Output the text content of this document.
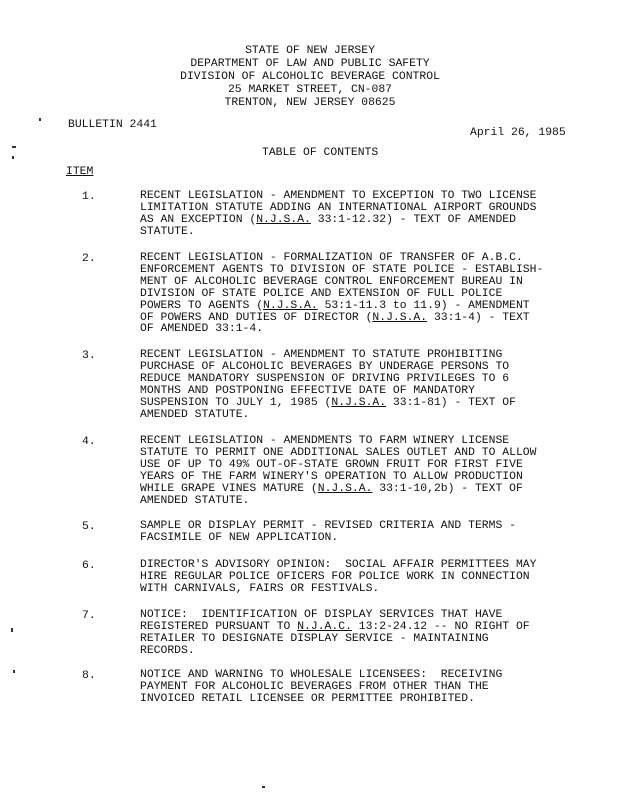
STATE OF NEW JERSEY
DEPARTMENT OF LAW AND PUBLIC SAFETY
DIVISION OF ALCOHOLIC BEVERAGE CONTROL
25 MARKET STREET, CN-087
TRENTON, NEW JERSEY 08625
BULLETIN 2441
April 26, 1985
TABLE OF CONTENTS
ITEM
1.	RECENT LEGISLATION - AMENDMENT TO EXCEPTION TO TWO LICENSE LIMITATION STATUTE ADDING AN INTERNATIONAL AIRPORT GROUNDS AS AN EXCEPTION (N.J.S.A. 33:1-12.32) - TEXT OF AMENDED STATUTE.
2.	RECENT LEGISLATION - FORMALIZATION OF TRANSFER OF A.B.C. ENFORCEMENT AGENTS TO DIVISION OF STATE POLICE - ESTABLISH-MENT OF ALCOHOLIC BEVERAGE CONTROL ENFORCEMENT BUREAU IN DIVISION OF STATE POLICE AND EXTENSION OF FULL POLICE POWERS TO AGENTS (N.J.S.A. 53:1-11.3 to 11.9) - AMENDMENT OF POWERS AND DUTIES OF DIRECTOR (N.J.S.A. 33:1-4) - TEXT OF AMENDED 33:1-4.
3.	RECENT LEGISLATION - AMENDMENT TO STATUTE PROHIBITING PURCHASE OF ALCOHOLIC BEVERAGES BY UNDERAGE PERSONS TO REDUCE MANDATORY SUSPENSION OF DRIVING PRIVILEGES TO 6 MONTHS AND POSTPONING EFFECTIVE DATE OF MANDATORY SUSPENSION TO JULY 1, 1985 (N.J.S.A. 33:1-81) - TEXT OF AMENDED STATUTE.
4.	RECENT LEGISLATION - AMENDMENTS TO FARM WINERY LICENSE STATUTE TO PERMIT ONE ADDITIONAL SALES OUTLET AND TO ALLOW USE OF UP TO 49% OUT-OF-STATE GROWN FRUIT FOR FIRST FIVE YEARS OF THE FARM WINERY'S OPERATION TO ALLOW PRODUCTION WHILE GRAPE VINES MATURE (N.J.S.A. 33:1-10,2b) - TEXT OF AMENDED STATUTE.
5.	SAMPLE OR DISPLAY PERMIT - REVISED CRITERIA AND TERMS - FACSIMILE OF NEW APPLICATION.
6.	DIRECTOR'S ADVISORY OPINION:  SOCIAL AFFAIR PERMITTEES MAY HIRE REGULAR POLICE OFICERS FOR POLICE WORK IN CONNECTION WITH CARNIVALS, FAIRS OR FESTIVALS.
7.	NOTICE:  IDENTIFICATION OF DISPLAY SERVICES THAT HAVE REGISTERED PURSUANT TO N.J.A.C. 13:2-24.12 -- NO RIGHT OF RETAILER TO DESIGNATE DISPLAY SERVICE - MAINTAINING RECORDS.
8.	NOTICE AND WARNING TO WHOLESALE LICENSEES:  RECEIVING PAYMENT FOR ALCOHOLIC BEVERAGES FROM OTHER THAN THE INVOICED RETAIL LICENSEE OR PERMITTEE PROHIBITED.
